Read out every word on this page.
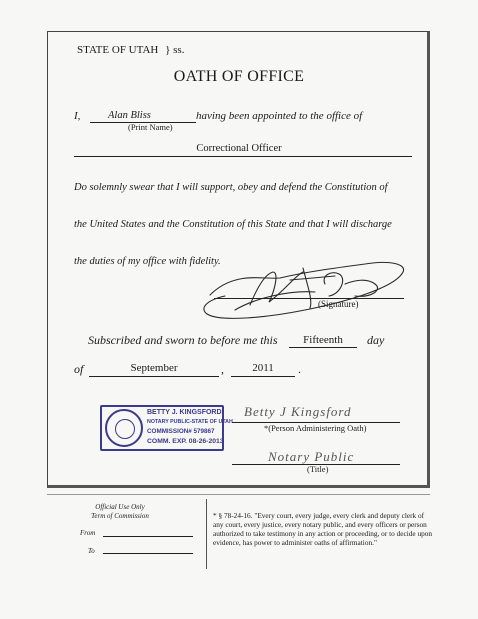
STATE OF UTAH } ss.
OATH OF OFFICE
I,	Alan Bliss	having been appointed to the office of
(Print Name)
Correctional Officer
Do solemnly swear that I will support, obey and defend the Constitution of
the United States and the Constitution of this State and that I will discharge
the duties of my office with fidelity.
(Signature)
Subscribed and sworn to before me this	Fifteenth	day
of	September	,	2011	.
BETTY J. KINGSFORD
NOTARY PUBLIC-STATE OF UTAH
COMMISSION# 579867
COMM. EXP. 08-26-2013
Betty J Kingsford
*(Person Administering Oath)
Notary Public
(Title)
Official Use Only
Term of Commission
From
To
* § 78-24-16. "Every court, every judge, every clerk and deputy clerk of any court, every justice, every notary public, and every officers or person authorized to take testimony in any action or proceeding, or to decide upon evidence, has power to administer oaths of affirmation."
